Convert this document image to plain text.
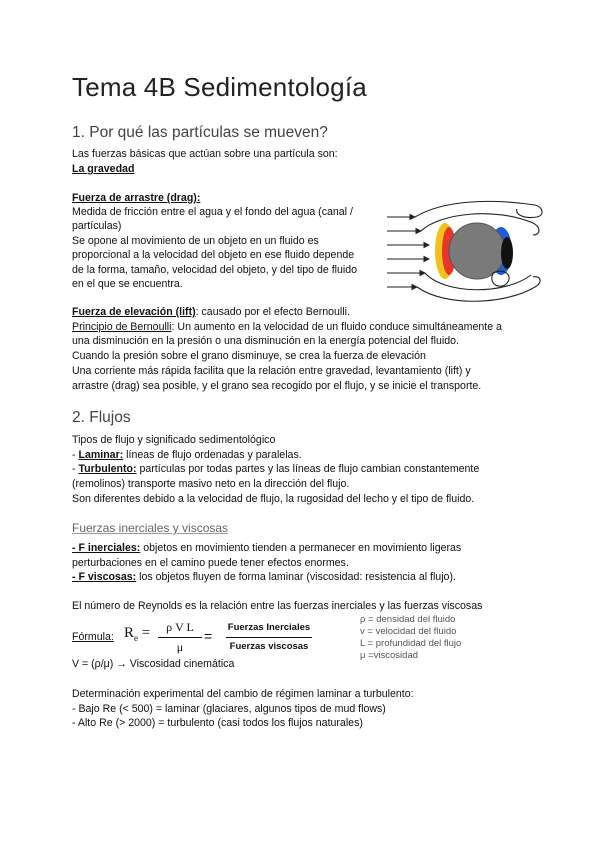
Tema 4B Sedimentología
1. Por qué las partículas se mueven?
Las fuerzas básicas que actúan sobre una partícula son:
La gravedad
Fuerza de arrastre (drag):
Medida de fricción entre el agua y el fondo del agua (canal /
partículas)
Se opone al movimiento de un objeto en un fluido es
proporcional a la velocidad del objeto en ese fluido depende
de la forma, tamaño, velocidad del objeto, y del tipo de fluido
en el que se encuentra.
Fuerza de elevación (lift): causado por el efecto Bernoulli.
Principio de Bernoulli: Un aumento en la velocidad de un fluido conduce simultáneamente a
una disminución en la presión o una disminución en la energía potencial del fluido.
Cuando la presión sobre el grano disminuye, se crea la fuerza de elevación
Una corriente más rápida facilita que la relación entre gravedad, levantamiento (lift) y
arrastre (drag) sea posible, y el grano sea recogido por el flujo, y se inicie el transporte.
2. Flujos
Tipos de flujo y significado sedimentológico
- Laminar: líneas de flujo ordenadas y paralelas.
- Turbulento: partículas por todas partes y las líneas de flujo cambian constantemente
(remolinos) transporte masivo neto en la dirección del flujo.
Son diferentes debido a la velocidad de flujo, la rugosidad del lecho y el tipo de fluido.
Fuerzas inerciales y viscosas
- F inerciales: objetos en movimiento tienden a permanecer en movimiento ligeras
perturbaciones en el camino puede tener efectos enormes.
- F viscosas: los objetos fluyen de forma laminar (viscosidad: resistencia al flujo).
El número de Reynolds es la relación entre las fuerzas inerciales y las fuerzas viscosas
Fórmula: $R_e$ =	ρ V L
μ
=
Fuerzas Inerciales
Fuerzas viscosas
ρ = densidad del fluido
v = velocidad del fluido
L = profundidad del flujo
μ =viscosidad
V = (ρ/μ) → Viscosidad cinemática
Determinación experimental del cambio de régimen laminar a turbulento:
- Bajo Re (< 500) = laminar (glaciares, algunos tipos de mud flows)
- Alto Re (> 2000) = turbulento (casi todos los flujos naturales)
